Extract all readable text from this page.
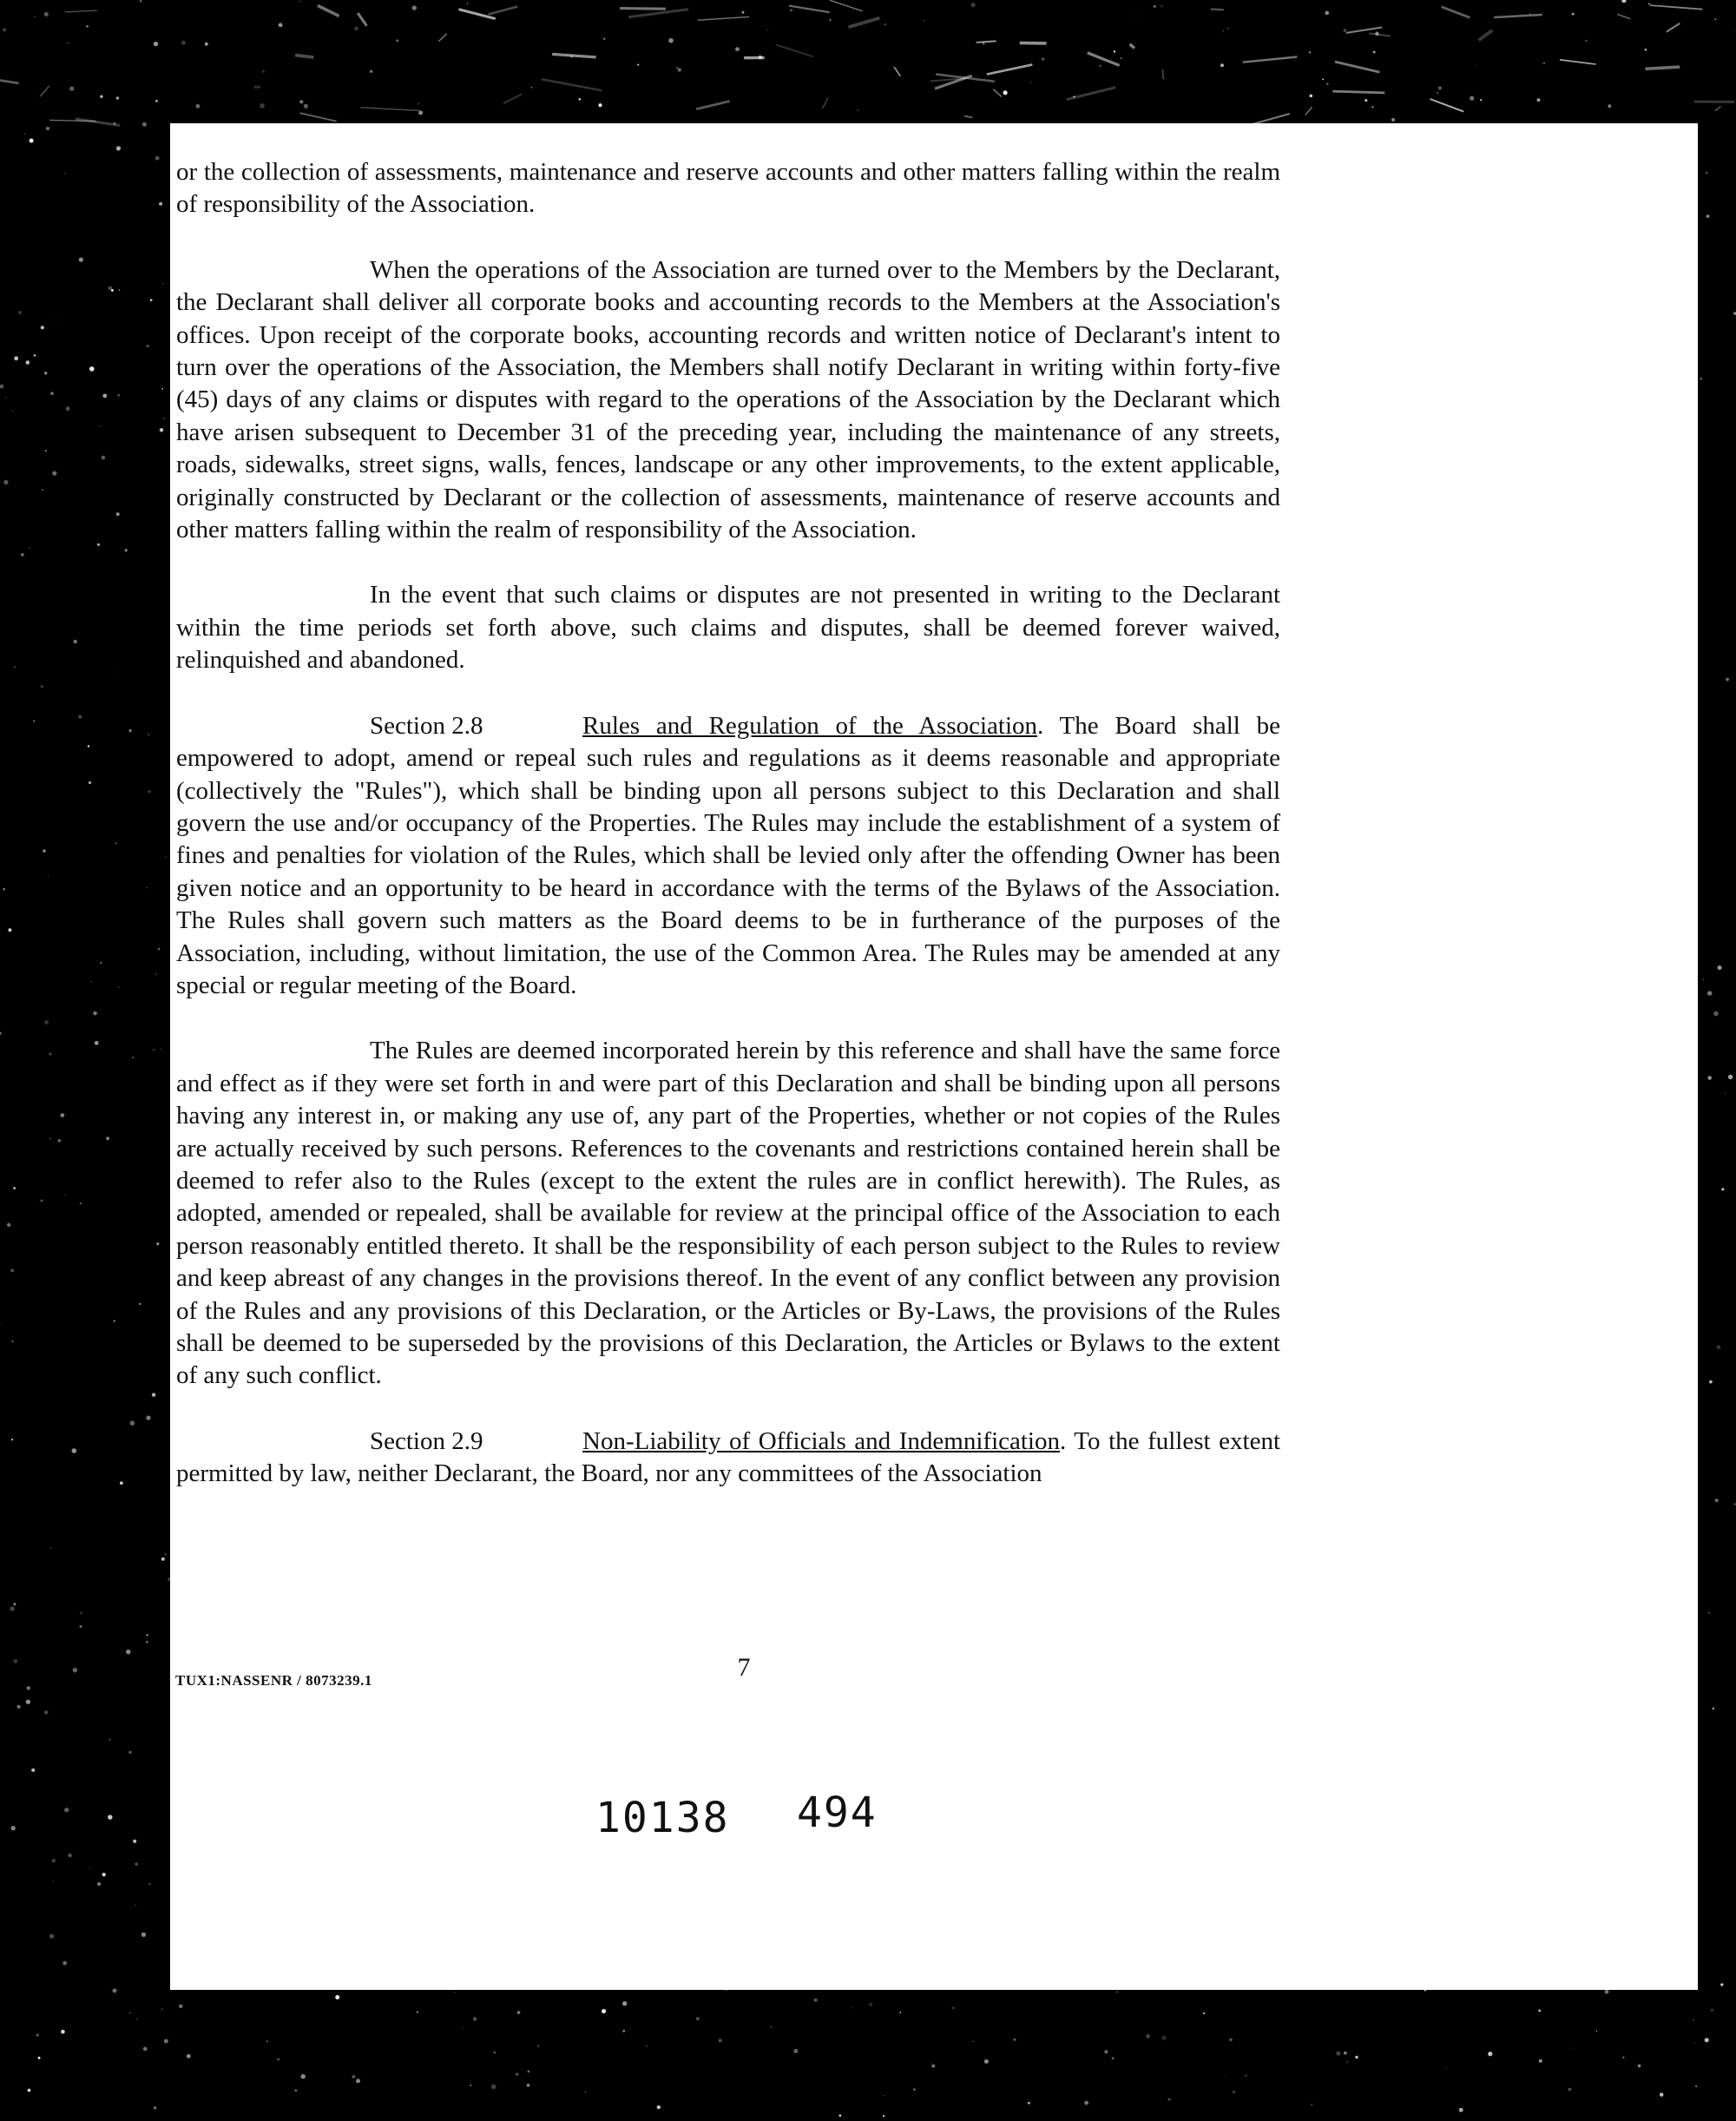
or the collection of assessments, maintenance and reserve accounts and other matters falling within the realm of responsibility of the Association.

When the operations of the Association are turned over to the Members by the Declarant, the Declarant shall deliver all corporate books and accounting records to the Members at the Association's offices. Upon receipt of the corporate books, accounting records and written notice of Declarant's intent to turn over the operations of the Association, the Members shall notify Declarant in writing within forty-five (45) days of any claims or disputes with regard to the operations of the Association by the Declarant which have arisen subsequent to December 31 of the preceding year, including the maintenance of any streets, roads, sidewalks, street signs, walls, fences, landscape or any other improvements, to the extent applicable, originally constructed by Declarant or the collection of assessments, maintenance of reserve accounts and other matters falling within the realm of responsibility of the Association.

In the event that such claims or disputes are not presented in writing to the Declarant within the time periods set forth above, such claims and disputes, shall be deemed forever waived, relinquished and abandoned.

Section 2.8	Rules and Regulation of the Association. The Board shall be empowered to adopt, amend or repeal such rules and regulations as it deems reasonable and appropriate (collectively the "Rules"), which shall be binding upon all persons subject to this Declaration and shall govern the use and/or occupancy of the Properties. The Rules may include the establishment of a system of fines and penalties for violation of the Rules, which shall be levied only after the offending Owner has been given notice and an opportunity to be heard in accordance with the terms of the Bylaws of the Association. The Rules shall govern such matters as the Board deems to be in furtherance of the purposes of the Association, including, without limitation, the use of the Common Area. The Rules may be amended at any special or regular meeting of the Board.

The Rules are deemed incorporated herein by this reference and shall have the same force and effect as if they were set forth in and were part of this Declaration and shall be binding upon all persons having any interest in, or making any use of, any part of the Properties, whether or not copies of the Rules are actually received by such persons. References to the covenants and restrictions contained herein shall be deemed to refer also to the Rules (except to the extent the rules are in conflict herewith). The Rules, as adopted, amended or repealed, shall be available for review at the principal office of the Association to each person reasonably entitled thereto. It shall be the responsibility of each person subject to the Rules to review and keep abreast of any changes in the provisions thereof. In the event of any conflict between any provision of the Rules and any provisions of this Declaration, or the Articles or By-Laws, the provisions of the Rules shall be deemed to be superseded by the provisions of this Declaration, the Articles or Bylaws to the extent of any such conflict.

Section 2.9	Non-Liability of Officials and Indemnification. To the fullest extent permitted by law, neither Declarant, the Board, nor any committees of the Association

TUX1:NASSENR / 8073239.1	7
10138 494
